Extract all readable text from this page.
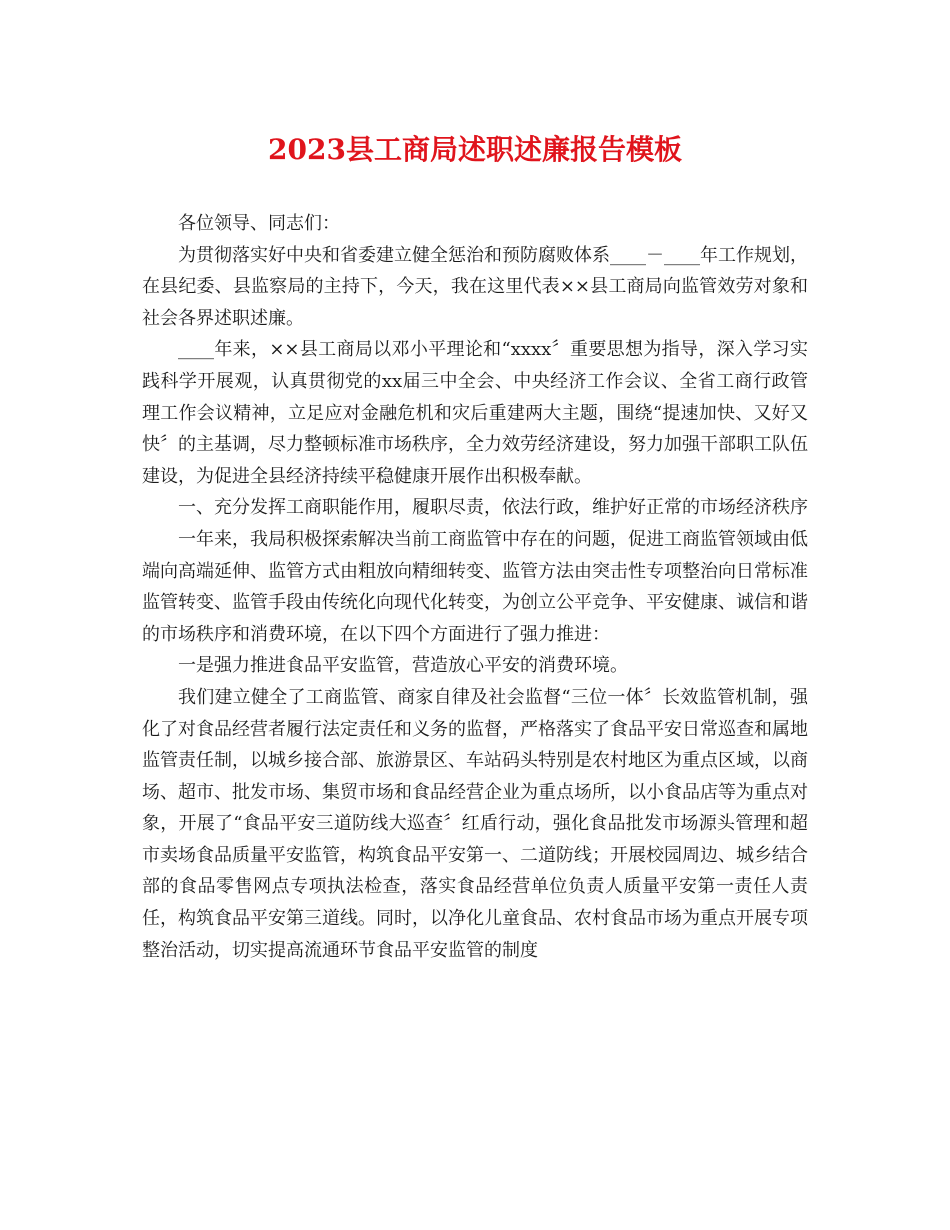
2023县工商局述职述廉报告模板

各位领导、同志们：

为贯彻落实好中央和省委建立健全惩治和预防腐败体系____－____年工作规划，在县纪委、县监察局的主持下，今天，我在这里代表××县工商局向监管效劳对象和社会各界述职述廉。

____年来，××县工商局以邓小平理论和“xxxx〞重要思想为指导，深入学习实践科学开展观，认真贯彻党的xx届三中全会、中央经济工作会议、全省工商行政管理工作会议精神，立足应对金融危机和灾后重建两大主题，围绕“提速加快、又好又快〞的主基调，尽力整顿标准市场秩序，全力效劳经济建设，努力加强干部职工队伍建设，为促进全县经济持续平稳健康开展作出积极奉献。

一、充分发挥工商职能作用，履职尽责，依法行政，维护好正常的市场经济秩序

一年来，我局积极探索解决当前工商监管中存在的问题，促进工商监管领域由低端向高端延伸、监管方式由粗放向精细转变、监管方法由突击性专项整治向日常标准监管转变、监管手段由传统化向现代化转变，为创立公平竞争、平安健康、诚信和谐的市场秩序和消费环境，在以下四个方面进行了强力推进：

一是强力推进食品平安监管，营造放心平安的消费环境。

我们建立健全了工商监管、商家自律及社会监督“三位一体〞长效监管机制，强化了对食品经营者履行法定责任和义务的监督，严格落实了食品平安日常巡查和属地监管责任制，以城乡接合部、旅游景区、车站码头特别是农村地区为重点区域，以商场、超市、批发市场、集贸市场和食品经营企业为重点场所，以小食品店等为重点对象，开展了“食品平安三道防线大巡查〞红盾行动，强化食品批发市场源头管理和超市卖场食品质量平安监管，构筑食品平安第一、二道防线；开展校园周边、城乡结合部的食品零售网点专项执法检查，落实食品经营单位负责人质量平安第一责任人责任，构筑食品平安第三道线。同时，以净化儿童食品、农村食品市场为重点开展专项整治活动，切实提高流通环节食品平安监管的制度
